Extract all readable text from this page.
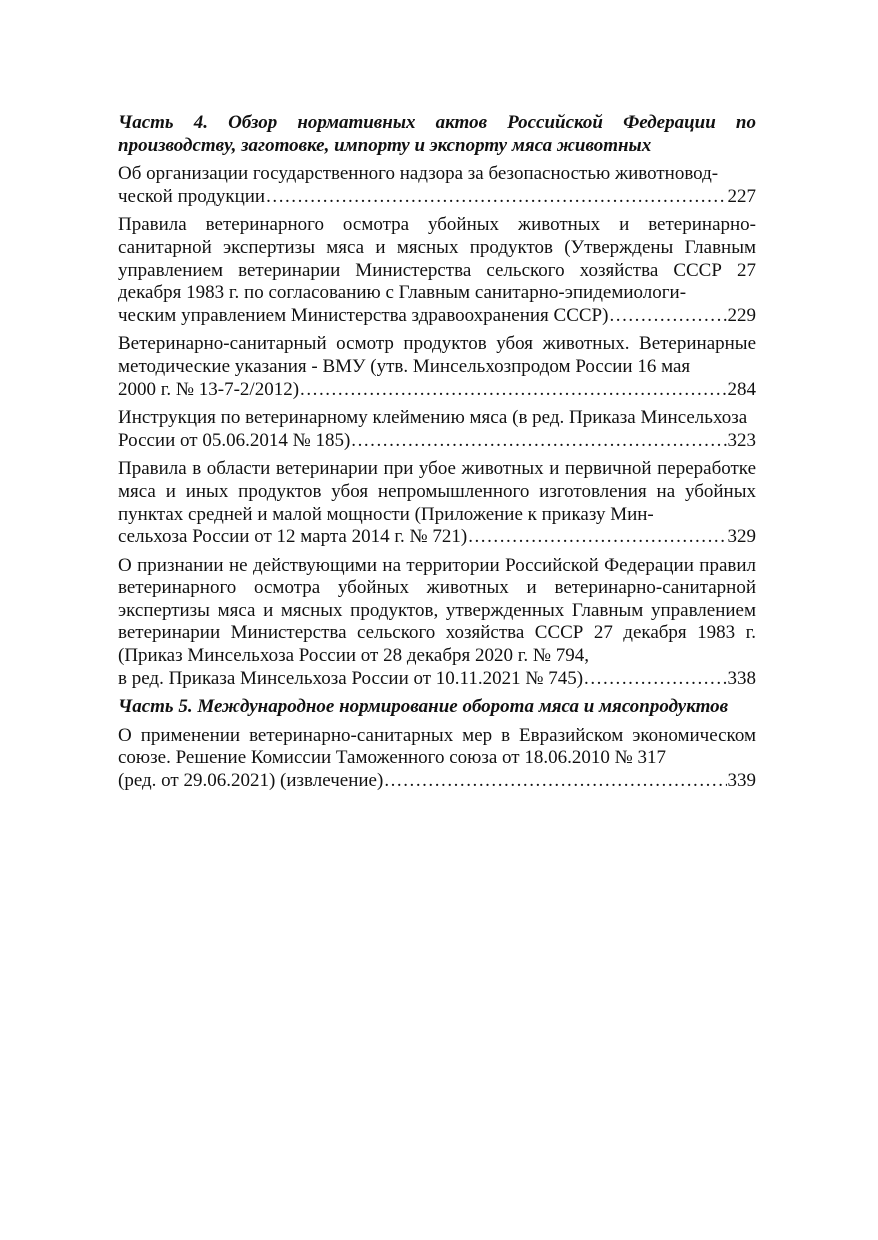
Часть 4. Обзор нормативных актов Российской Федерации по производству, заготовке, импорту и экспорту мяса животных
Об организации государственного надзора за безопасностью животновод-
ческой продукции . . .	227
Правила ветеринарного осмотра убойных животных и ветеринарно-санитарной экспертизы мяса и мясных продуктов (Утверждены Главным управлением ветеринарии Министерства сельского хозяйства СССР 27 декабря 1983 г. по согласованию с Главным санитарно-эпидемиологи-
ческим управлением Министерства здравоохранения СССР) . . .	229
Ветеринарно-санитарный осмотр продуктов убоя животных. Ветеринарные методические указания - ВМУ (утв. Минсельхозпродом России 16 мая
2000 г. № 13-7-2/2012) . . .	284
Инструкция по ветеринарному клеймению мяса (в ред. Приказа Минсельхоза
России от 05.06.2014 № 185) . . .	323
Правила в области ветеринарии при убое животных и первичной переработке мяса и иных продуктов убоя непромышленного изготовления на убойных пунктах средней и малой мощности (Приложение к приказу Мин-
сельхоза России от 12 марта 2014 г. № 721) . . .	329
О признании не действующими на территории Российской Федерации правил ветеринарного осмотра убойных животных и ветеринарно-санитарной экспертизы мяса и мясных продуктов, утвержденных Главным управлением ветеринарии Министерства сельского хозяйства СССР 27 декабря 1983 г. (Приказ Минсельхоза России от 28 декабря 2020 г. № 794,
в ред. Приказа Минсельхоза России от 10.11.2021 № 745) . . .	338
Часть 5. Международное нормирование оборота мяса и мясопродуктов
О применении ветеринарно-санитарных мер в Евразийском экономическом союзе. Решение Комиссии Таможенного союза от 18.06.2010 № 317
(ред. от 29.06.2021) (извлечение) . . .	339
